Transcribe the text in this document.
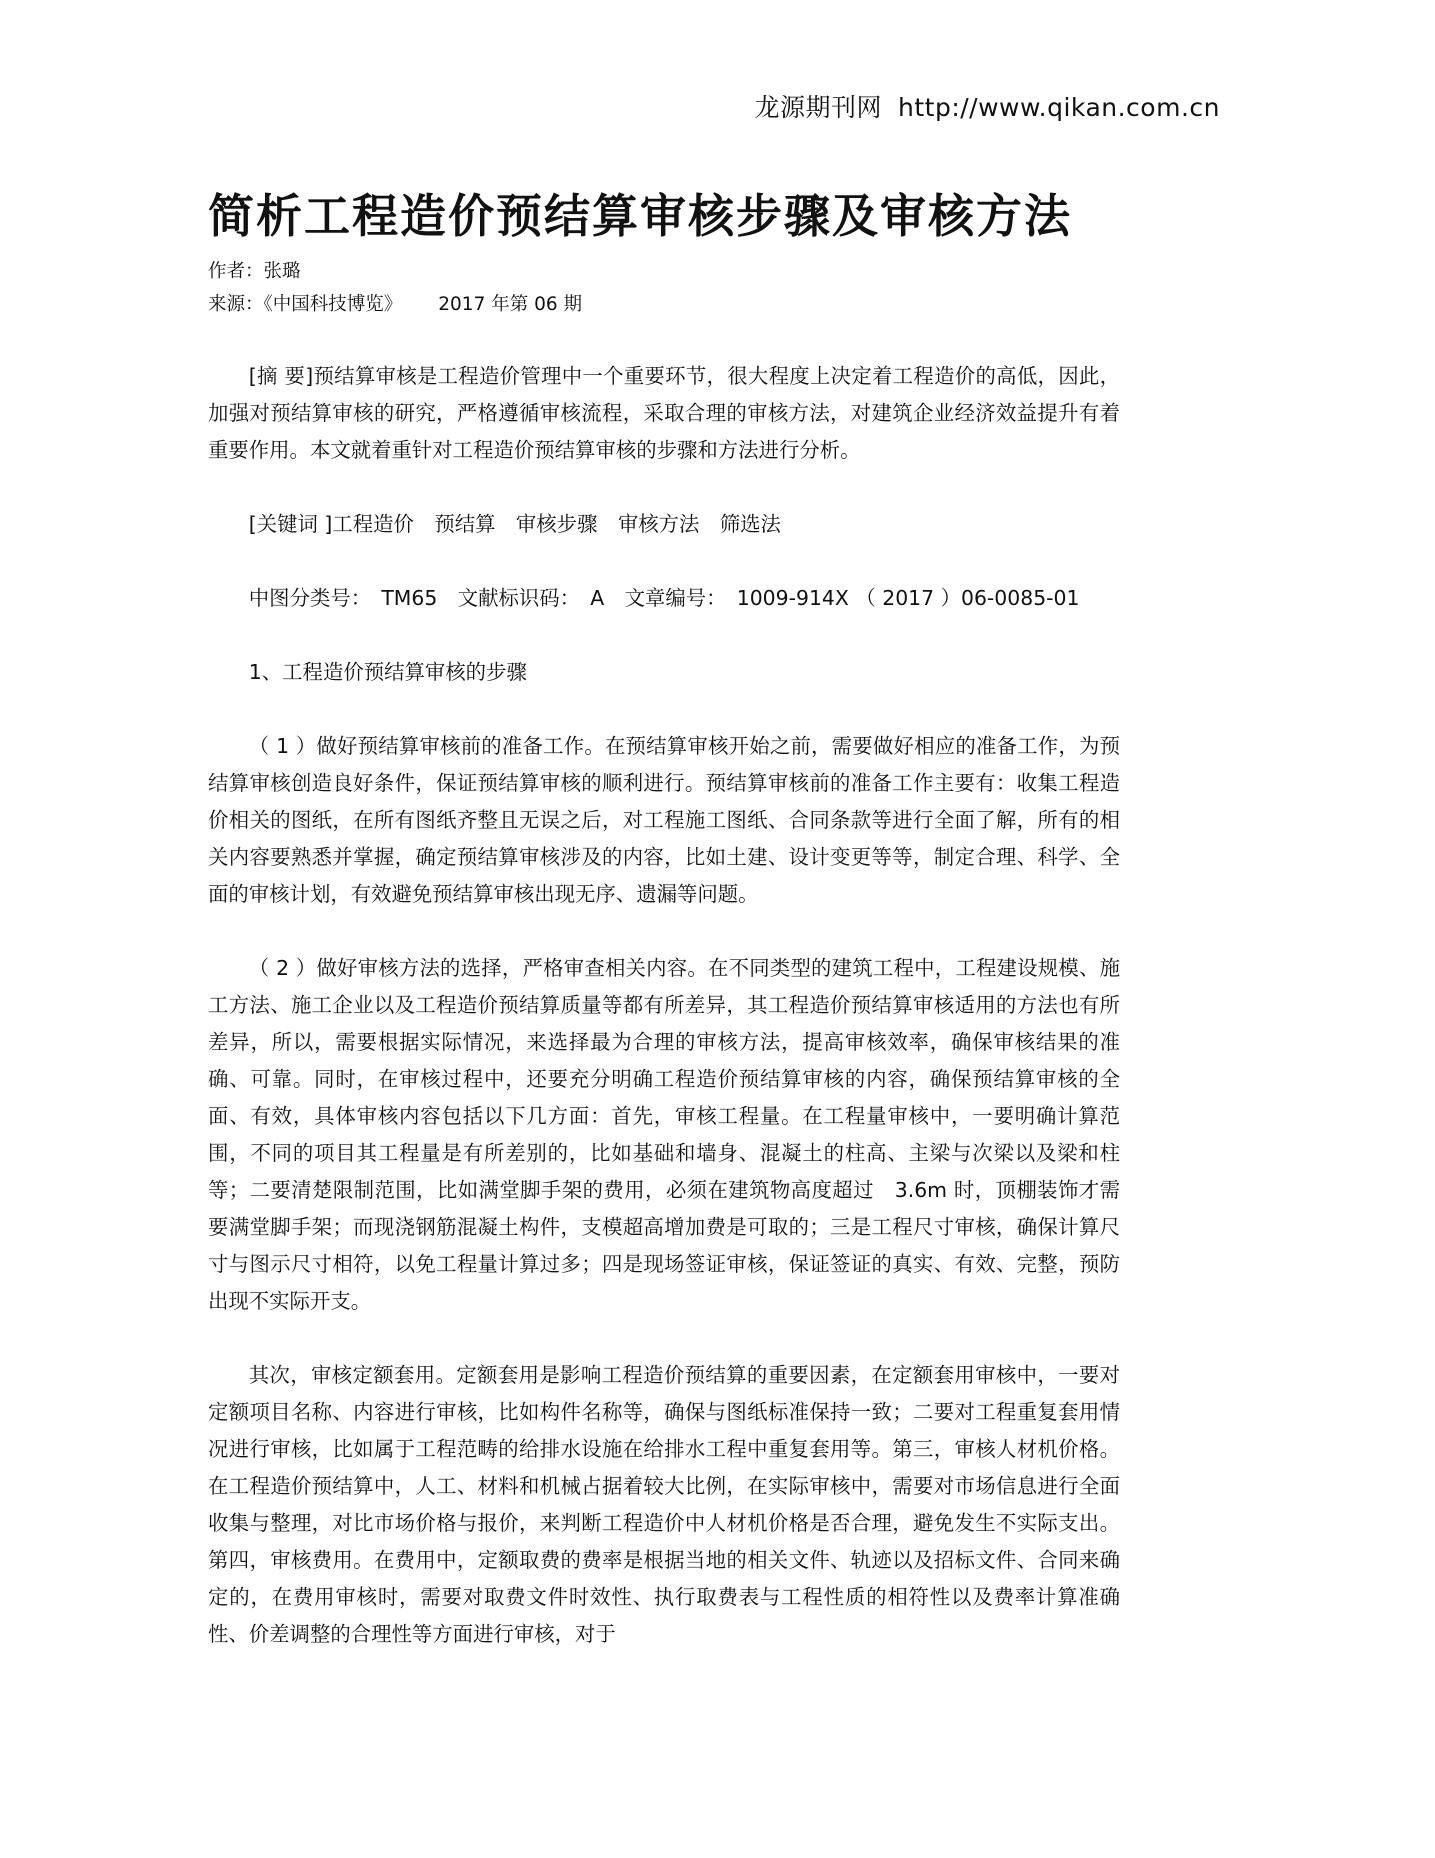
龙源期刊网 http://www.qikan.com.cn
简析工程造价预结算审核步骤及审核方法
作者：张璐
来源：《中国科技博览》 2017 年第 06 期

[摘 要]预结算审核是工程造价管理中一个重要环节，很大程度上决定着工程造价的高低，因此，加强对预结算审核的研究，严格遵循审核流程，采取合理的审核方法，对建筑企业经济效益提升有着重要作用。本文就着重针对工程造价预结算审核的步骤和方法进行分析。

[关键词 ]工程造价　预结算　审核步骤　审核方法　筛选法

中图分类号：　TM65　文献标识码：　A　文章编号：　1009-914X （ 2017 ）06-0085-01

1、工程造价预结算审核的步骤

（ 1 ）做好预结算审核前的准备工作。在预结算审核开始之前，需要做好相应的准备工作，为预结算审核创造良好条件，保证预结算审核的顺利进行。预结算审核前的准备工作主要有：收集工程造价相关的图纸，在所有图纸齐整且无误之后，对工程施工图纸、合同条款等进行全面了解，所有的相关内容要熟悉并掌握，确定预结算审核涉及的内容，比如土建、设计变更等等，制定合理、科学、全面的审核计划，有效避免预结算审核出现无序、遗漏等问题。

（ 2 ）做好审核方法的选择，严格审查相关内容。在不同类型的建筑工程中，工程建设规模、施工方法、施工企业以及工程造价预结算质量等都有所差异，其工程造价预结算审核适用的方法也有所差异，所以，需要根据实际情况，来选择最为合理的审核方法，提高审核效率，确保审核结果的准确、可靠。同时，在审核过程中，还要充分明确工程造价预结算审核的内容，确保预结算审核的全面、有效，具体审核内容包括以下几方面：首先，审核工程量。在工程量审核中，一要明确计算范围，不同的项目其工程量是有所差别的，比如基础和墙身、混凝土的柱高、主梁与次梁以及梁和柱等；二要清楚限制范围，比如满堂脚手架的费用，必须在建筑物高度超过　3.6m 时，顶棚装饰才需要满堂脚手架；而现浇钢筋混凝土构件，支模超高增加费是可取的；三是工程尺寸审核，确保计算尺寸与图示尺寸相符，以免工程量计算过多；四是现场签证审核，保证签证的真实、有效、完整，预防出现不实际开支。

其次，审核定额套用。定额套用是影响工程造价预结算的重要因素，在定额套用审核中，一要对定额项目名称、内容进行审核，比如构件名称等，确保与图纸标准保持一致；二要对工程重复套用情况进行审核，比如属于工程范畴的给排水设施在给排水工程中重复套用等。第三，审核人材机价格。在工程造价预结算中，人工、材料和机械占据着较大比例，在实际审核中，需要对市场信息进行全面收集与整理，对比市场价格与报价，来判断工程造价中人材机价格是否合理，避免发生不实际支出。第四，审核费用。在费用中，定额取费的费率是根据当地的相关文件、轨迹以及招标文件、合同来确定的，在费用审核时，需要对取费文件时效性、执行取费表与工程性质的相符性以及费率计算准确性、价差调整的合理性等方面进行审核，对于
